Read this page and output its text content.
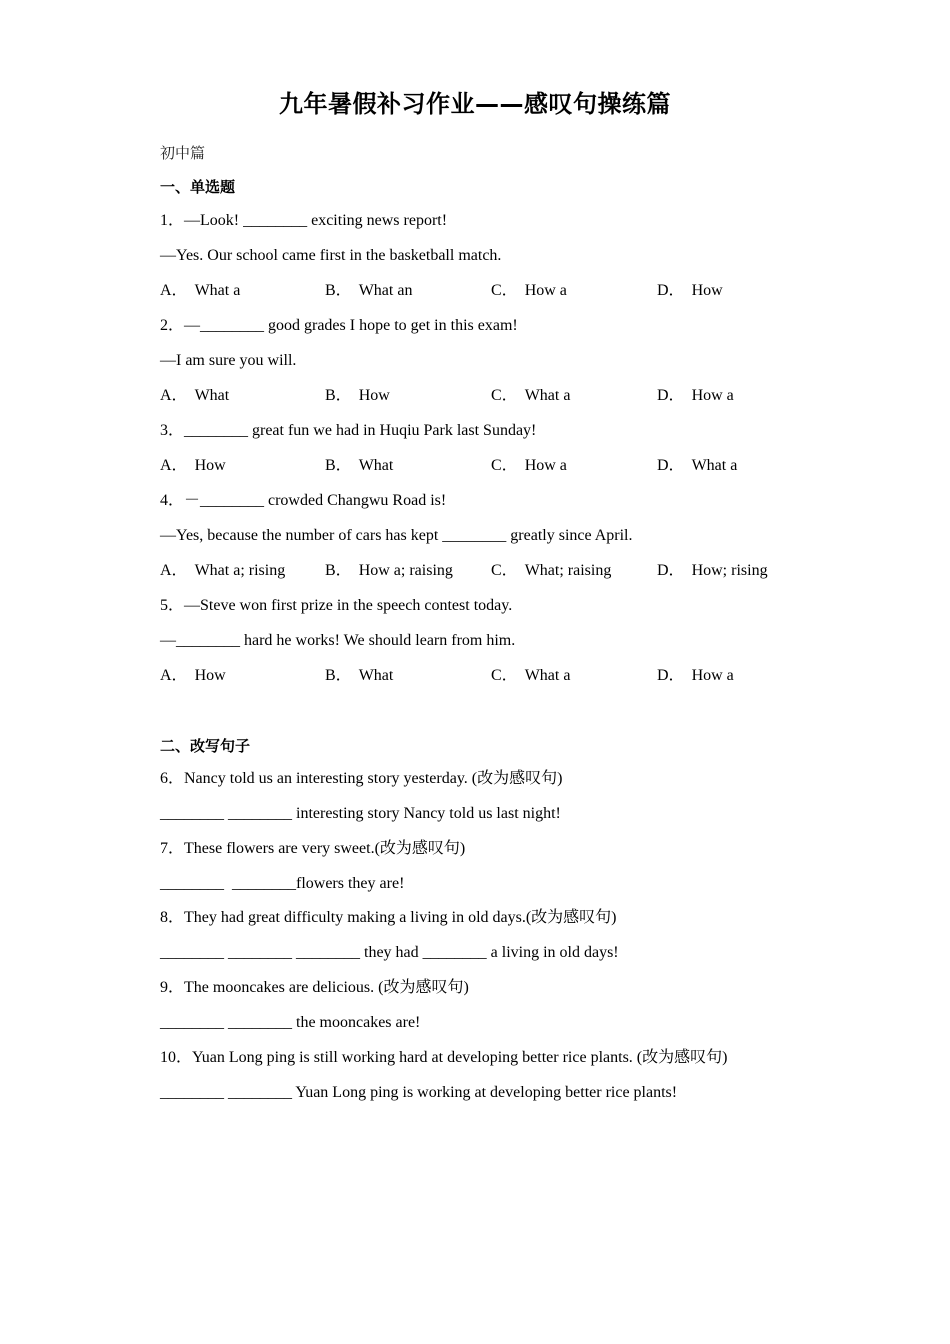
九年暑假补习作业——感叹句操练篇
初中篇
一、单选题
1．—Look! ________ exciting news report!
—Yes. Our school came first in the basketball match.
A． What a	B． What an	C． How a	D． How
2．—________ good grades I hope to get in this exam!
—I am sure you will.
A． What	B． How	C． What a	D． How a
3．________ great fun we had in Huqiu Park last Sunday!
A． How	B． What	C． How a	D． What a
4．－________ crowded Changwu Road is!
—Yes, because the number of cars has kept ________ greatly since April.
A． What a; rising B． How a; raising C． What; raising	D． How; rising
5．—Steve won first prize in the speech contest today.
—________ hard he works! We should learn from him.
A． How	B． What	C． What a	D． How a
二、改写句子
6．Nancy told us an interesting story yesterday. (改为感叹句)
________ ________ interesting story Nancy told us last night!
7．These flowers are very sweet.(改为感叹句)
________  ________flowers they are!
8．They had great difficulty making a living in old days.(改为感叹句)
________ ________ ________ they had ________ a living in old days!
9．The mooncakes are delicious. (改为感叹句)
________ ________ the mooncakes are!
10．Yuan Long ping is still working hard at developing better rice plants. (改为感叹句)
________ ________ Yuan Long ping is working at developing better rice plants!
